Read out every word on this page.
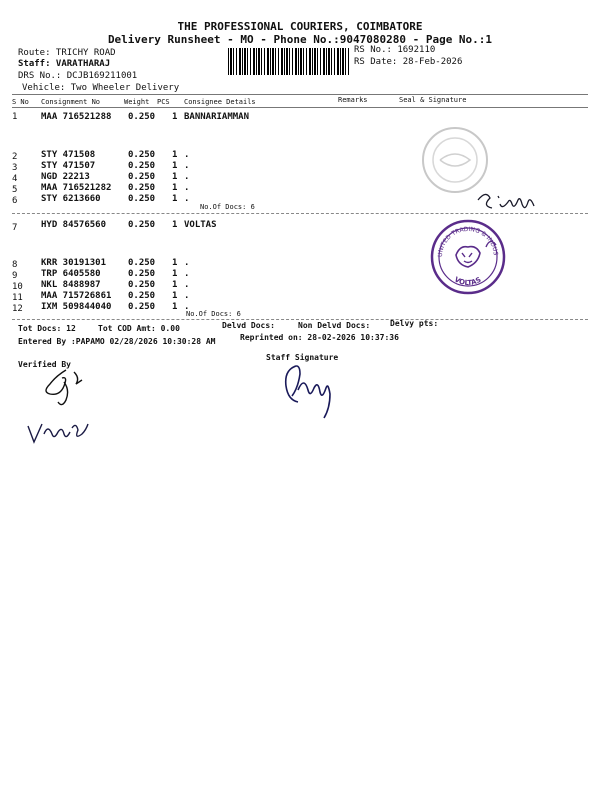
THE PROFESSIONAL COURIERS, COIMBATORE
Delivery Runsheet - MO - Phone No.:9047080280 - Page No.:1
Route: TRICHY ROAD
Staff: VARATHARAJ
DRS No.: DCJB169211001
Vehicle: Two Wheeler Delivery
RS No.: 1692110
RS Date: 28-Feb-2026
S No Consignment No	Weight PCS Consignee Details	Remarks	Seal & Signature
1	MAA 716521288 0.250 1 BANNARIAMMAN
2	STY 471508	0.250 1 .
3	STY 471507	0.250 1 .
4	NGD 22213	0.250 1 .
5	MAA 716521282 0.250 1 .
6	STY 6213660	0.250 1 .
No.Of Docs: 6
7	HYD 84576560 0.250 1 VOLTAS
8	KRR 30191301 0.250 1 .
9	TRP 6405580	0.250 1 .
10 NKL 8488987	0.250 1 .
11 MAA 715726861 0.250 1 .
12 IXM 509844040 0.250 1 .
No.Of Docs: 6
Tot Docs: 12	Tot COD Amt: 0.00	Delvd Docs:	Non Delvd Docs: Delvy pts:
Entered By :PAPAMO 02/28/2026 10:30:28 AM	Reprinted on: 28-02-2026 10:37:36
Verified By
Staff Signature
UNITED TRADING & INDUSTRIES
VOLTAS
